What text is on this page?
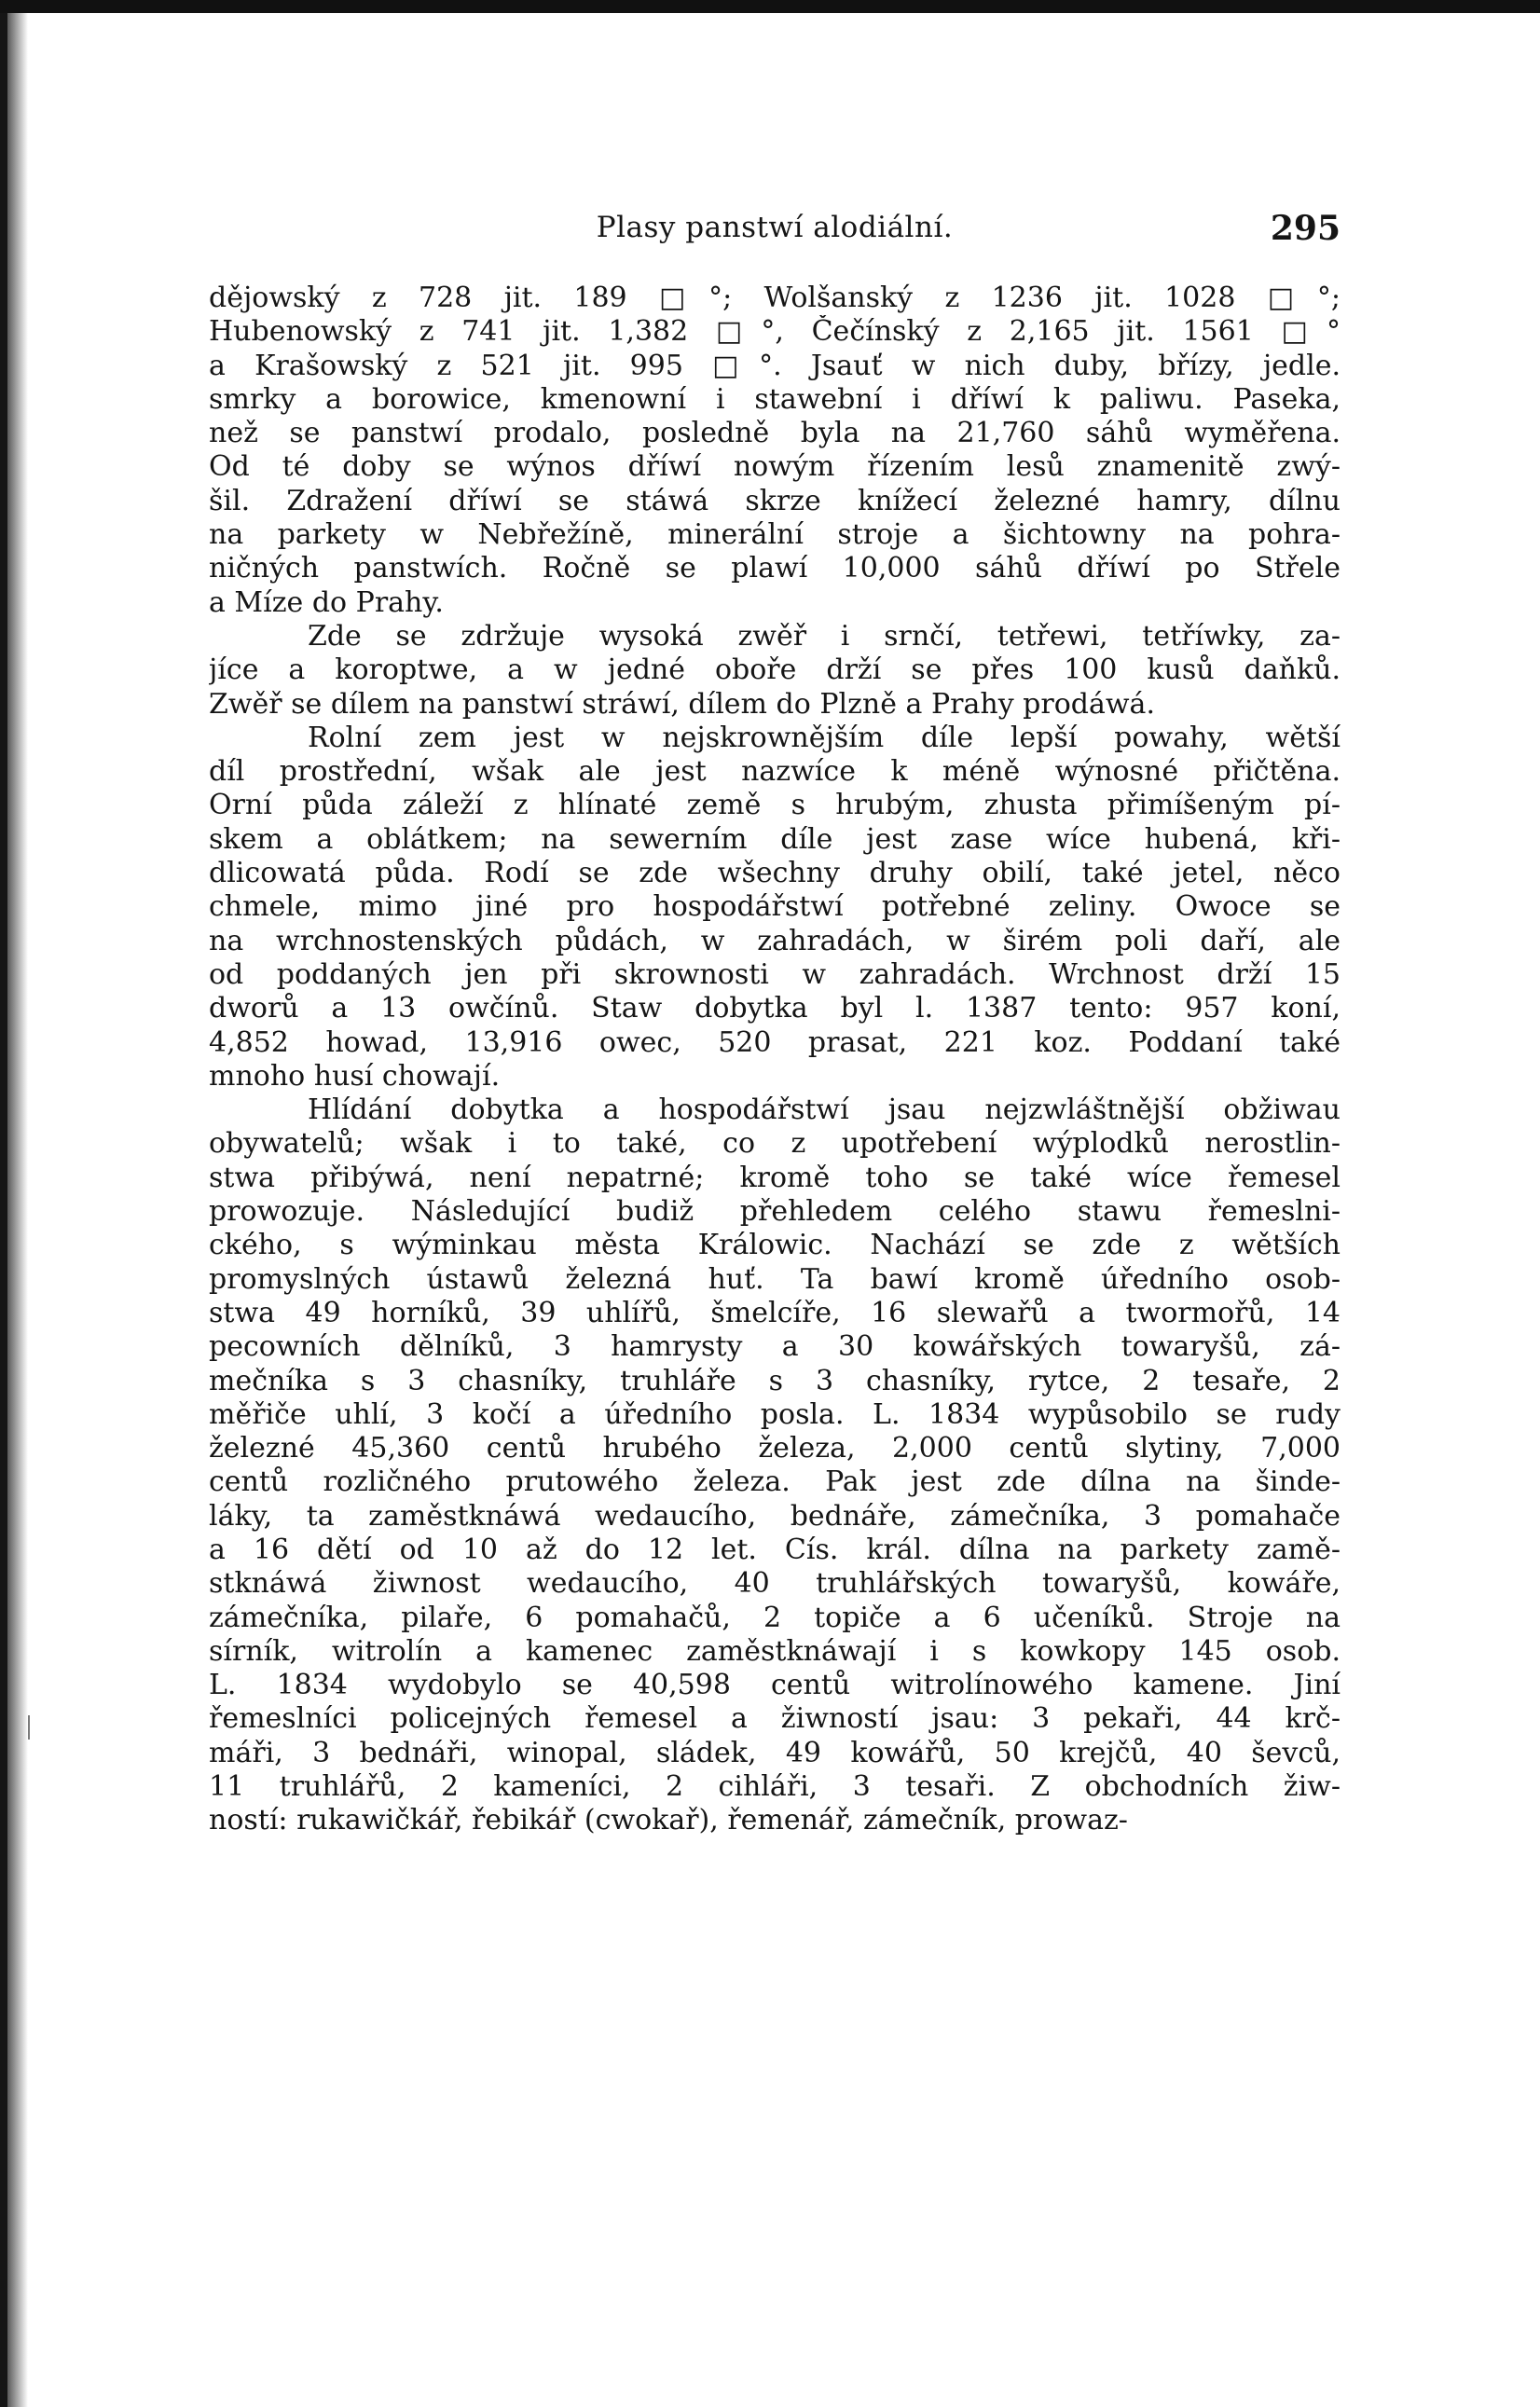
Plasy panstwí alodiální.	295
dějowský z 728 jit. 189 □°; Wolšanský z 1236 jit. 1028 □°;
Hubenowský z 741 jit. 1,382 □°, Čečínský z 2,165 jit. 1561 □°
a Krašowský z 521 jit. 995 □°. Jsauť w nich duby, břízy, jedle.
smrky a borowice, kmenowní i stawební i dříwí k paliwu. Paseka,
než se panstwí prodalo, posledně byla na 21,760 sáhů wyměřena.
Od té doby se wýnos dříwí nowým řízením lesů znamenitě zwý-
šil. Zdražení dříwí se stáwá skrze knížecí železné hamry, dílnu
na parkety w Nebřežíně, minerální stroje a šichtowny na pohra-
ničných panstwích. Ročně se plawí 10,000 sáhů dříwí po Střele
a Míze do Prahy.
Zde se zdržuje wysoká zwěř i srnčí, tetřewi, tetříwky, za-
jíce a koroptwe, a w jedné oboře drží se přes 100 kusů daňků.
Zwěř se dílem na panstwí stráwí, dílem do Plzně a Prahy prodáwá.
Rolní zem jest w nejskrownějším díle lepší powahy, wětší
díl prostřední, wšak ale jest nazwíce k méně wýnosné přičtěna.
Orní půda záleží z hlínaté země s hrubým, zhusta přimíšeným pí-
skem a oblátkem; na sewerním díle jest zase wíce hubená, kři-
dlicowatá půda. Rodí se zde wšechny druhy obilí, také jetel, něco
chmele, mimo jiné pro hospodářstwí potřebné zeliny. Owoce se
na wrchnostenských půdách, w zahradách, w širém poli daří, ale
od poddaných jen při skrownosti w zahradách. Wrchnost drží 15
dworů a 13 owčínů. Staw dobytka byl l. 1387 tento: 957 koní,
4,852 howad, 13,916 owec, 520 prasat, 221 koz. Poddaní také
mnoho husí chowají.
Hlídání dobytka a hospodářstwí jsau nejzwláštnější obžiwau
obywatelů; wšak i to také, co z upotřebení wýplodků nerostlin-
stwa přibýwá, není nepatrné; kromě toho se také wíce řemesel
prowozuje. Následující budiž přehledem celého stawu řemeslni-
ckého, s wýminkau města Králowic. Nachází se zde z wětších
promyslných ústawů železná huť. Ta bawí kromě úředního osob-
stwa 49 horníků, 39 uhlířů, šmelcíře, 16 slewařů a twormořů, 14
pecowních dělníků, 3 hamrysty a 30 kowářských towaryšů, zá-
mečníka s 3 chasníky, truhláře s 3 chasníky, rytce, 2 tesaře, 2
měřiče uhlí, 3 kočí a úředního posla. L. 1834 wypůsobilo se rudy
železné 45,360 centů hrubého železa, 2,000 centů slytiny, 7,000
centů rozličného prutowého železa. Pak jest zde dílna na šinde-
láky, ta zaměstknáwá wedaucího, bednáře, zámečníka, 3 pomahače
a 16 dětí od 10 až do 12 let. Cís. král. dílna na parkety zamě-
stknáwá žiwnost wedaucího, 40 truhlářských towaryšů, kowáře,
zámečníka, pilaře, 6 pomahačů, 2 topiče a 6 učeníků. Stroje na
sírník, witrolín a kamenec zaměstknáwají i s kowkopy 145 osob.
L. 1834 wydobylo se 40,598 centů witrolínowého kamene. Jiní
řemeslníci policejných řemesel a žiwností jsau: 3 pekaři, 44 krč-
máři, 3 bednáři, winopal, sládek, 49 kowářů, 50 krejčů, 40 ševců,
11 truhlářů, 2 kameníci, 2 cihláři, 3 tesaři. Z obchodních žiw-
ností: rukawičkář, řebikář (cwokař), řemenář, zámečník, prowaz-
